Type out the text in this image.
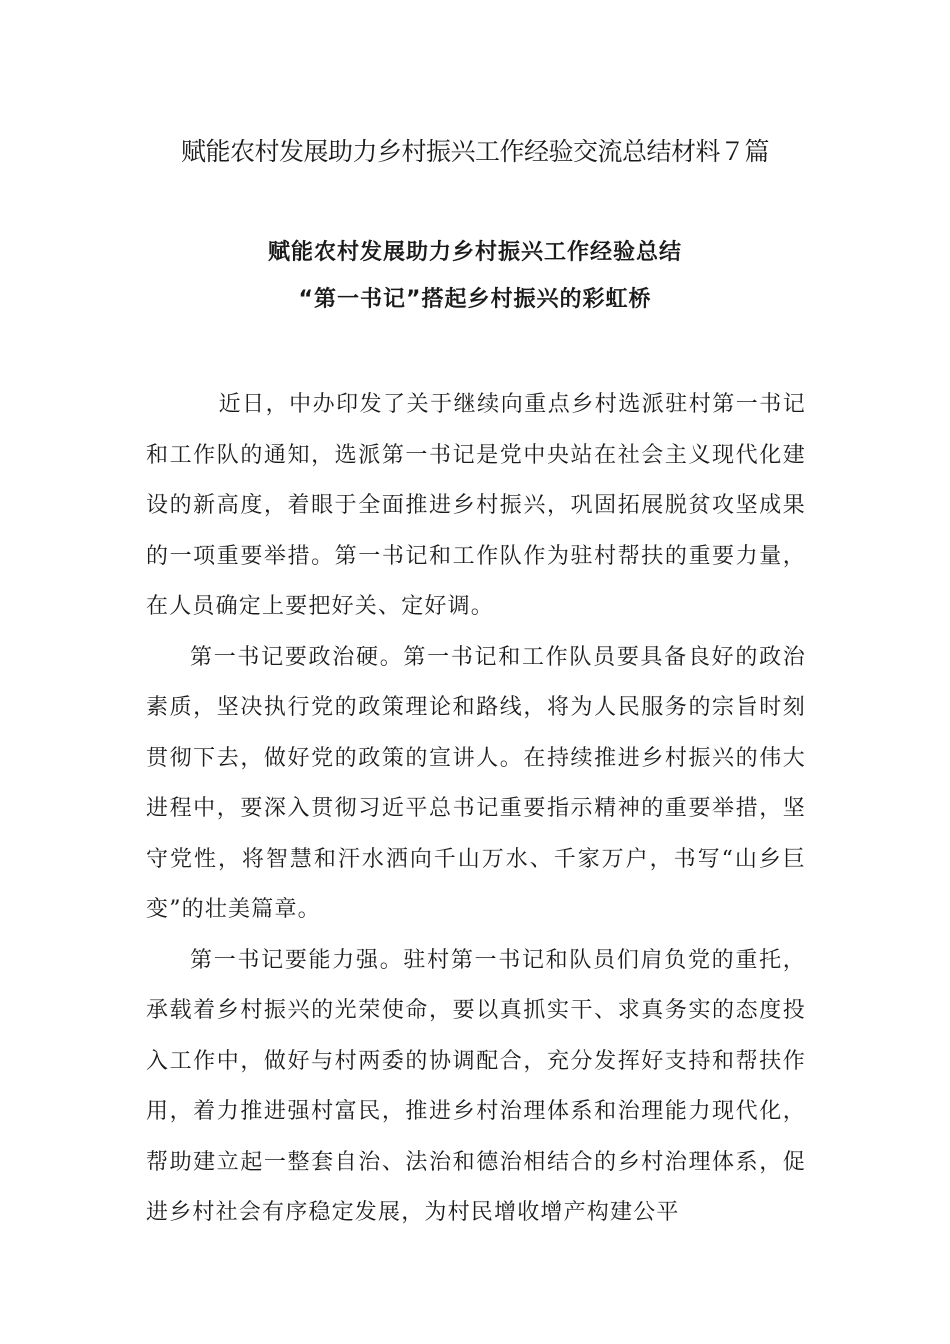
赋能农村发展助力乡村振兴工作经验交流总结材料７篇
赋能农村发展助力乡村振兴工作经验总结
“第一书记”搭起乡村振兴的彩虹桥

近日，中办印发了关于继续向重点乡村选派驻村第一书记和工作队的通知，选派第一书记是党中央站在社会主义现代化建设的新高度，着眼于全面推进乡村振兴，巩固拓展脱贫攻坚成果的一项重要举措。第一书记和工作队作为驻村帮扶的重要力量，在人员确定上要把好关、定好调。

第一书记要政治硬。第一书记和工作队员要具备良好的政治素质，坚决执行党的政策理论和路线，将为人民服务的宗旨时刻贯彻下去，做好党的政策的宣讲人。在持续推进乡村振兴的伟大进程中，要深入贯彻习近平总书记重要指示精神的重要举措，坚守党性，将智慧和汗水洒向千山万水、千家万户，书写“山乡巨变”的壮美篇章。

第一书记要能力强。驻村第一书记和队员们肩负党的重托，承载着乡村振兴的光荣使命，要以真抓实干、求真务实的态度投入工作中，做好与村两委的协调配合，充分发挥好支持和帮扶作用，着力推进强村富民，推进乡村治理体系和治理能力现代化，帮助建立起一整套自治、法治和德治相结合的乡村治理体系，促进乡村社会有序稳定发展，为村民增收增产构建公平
